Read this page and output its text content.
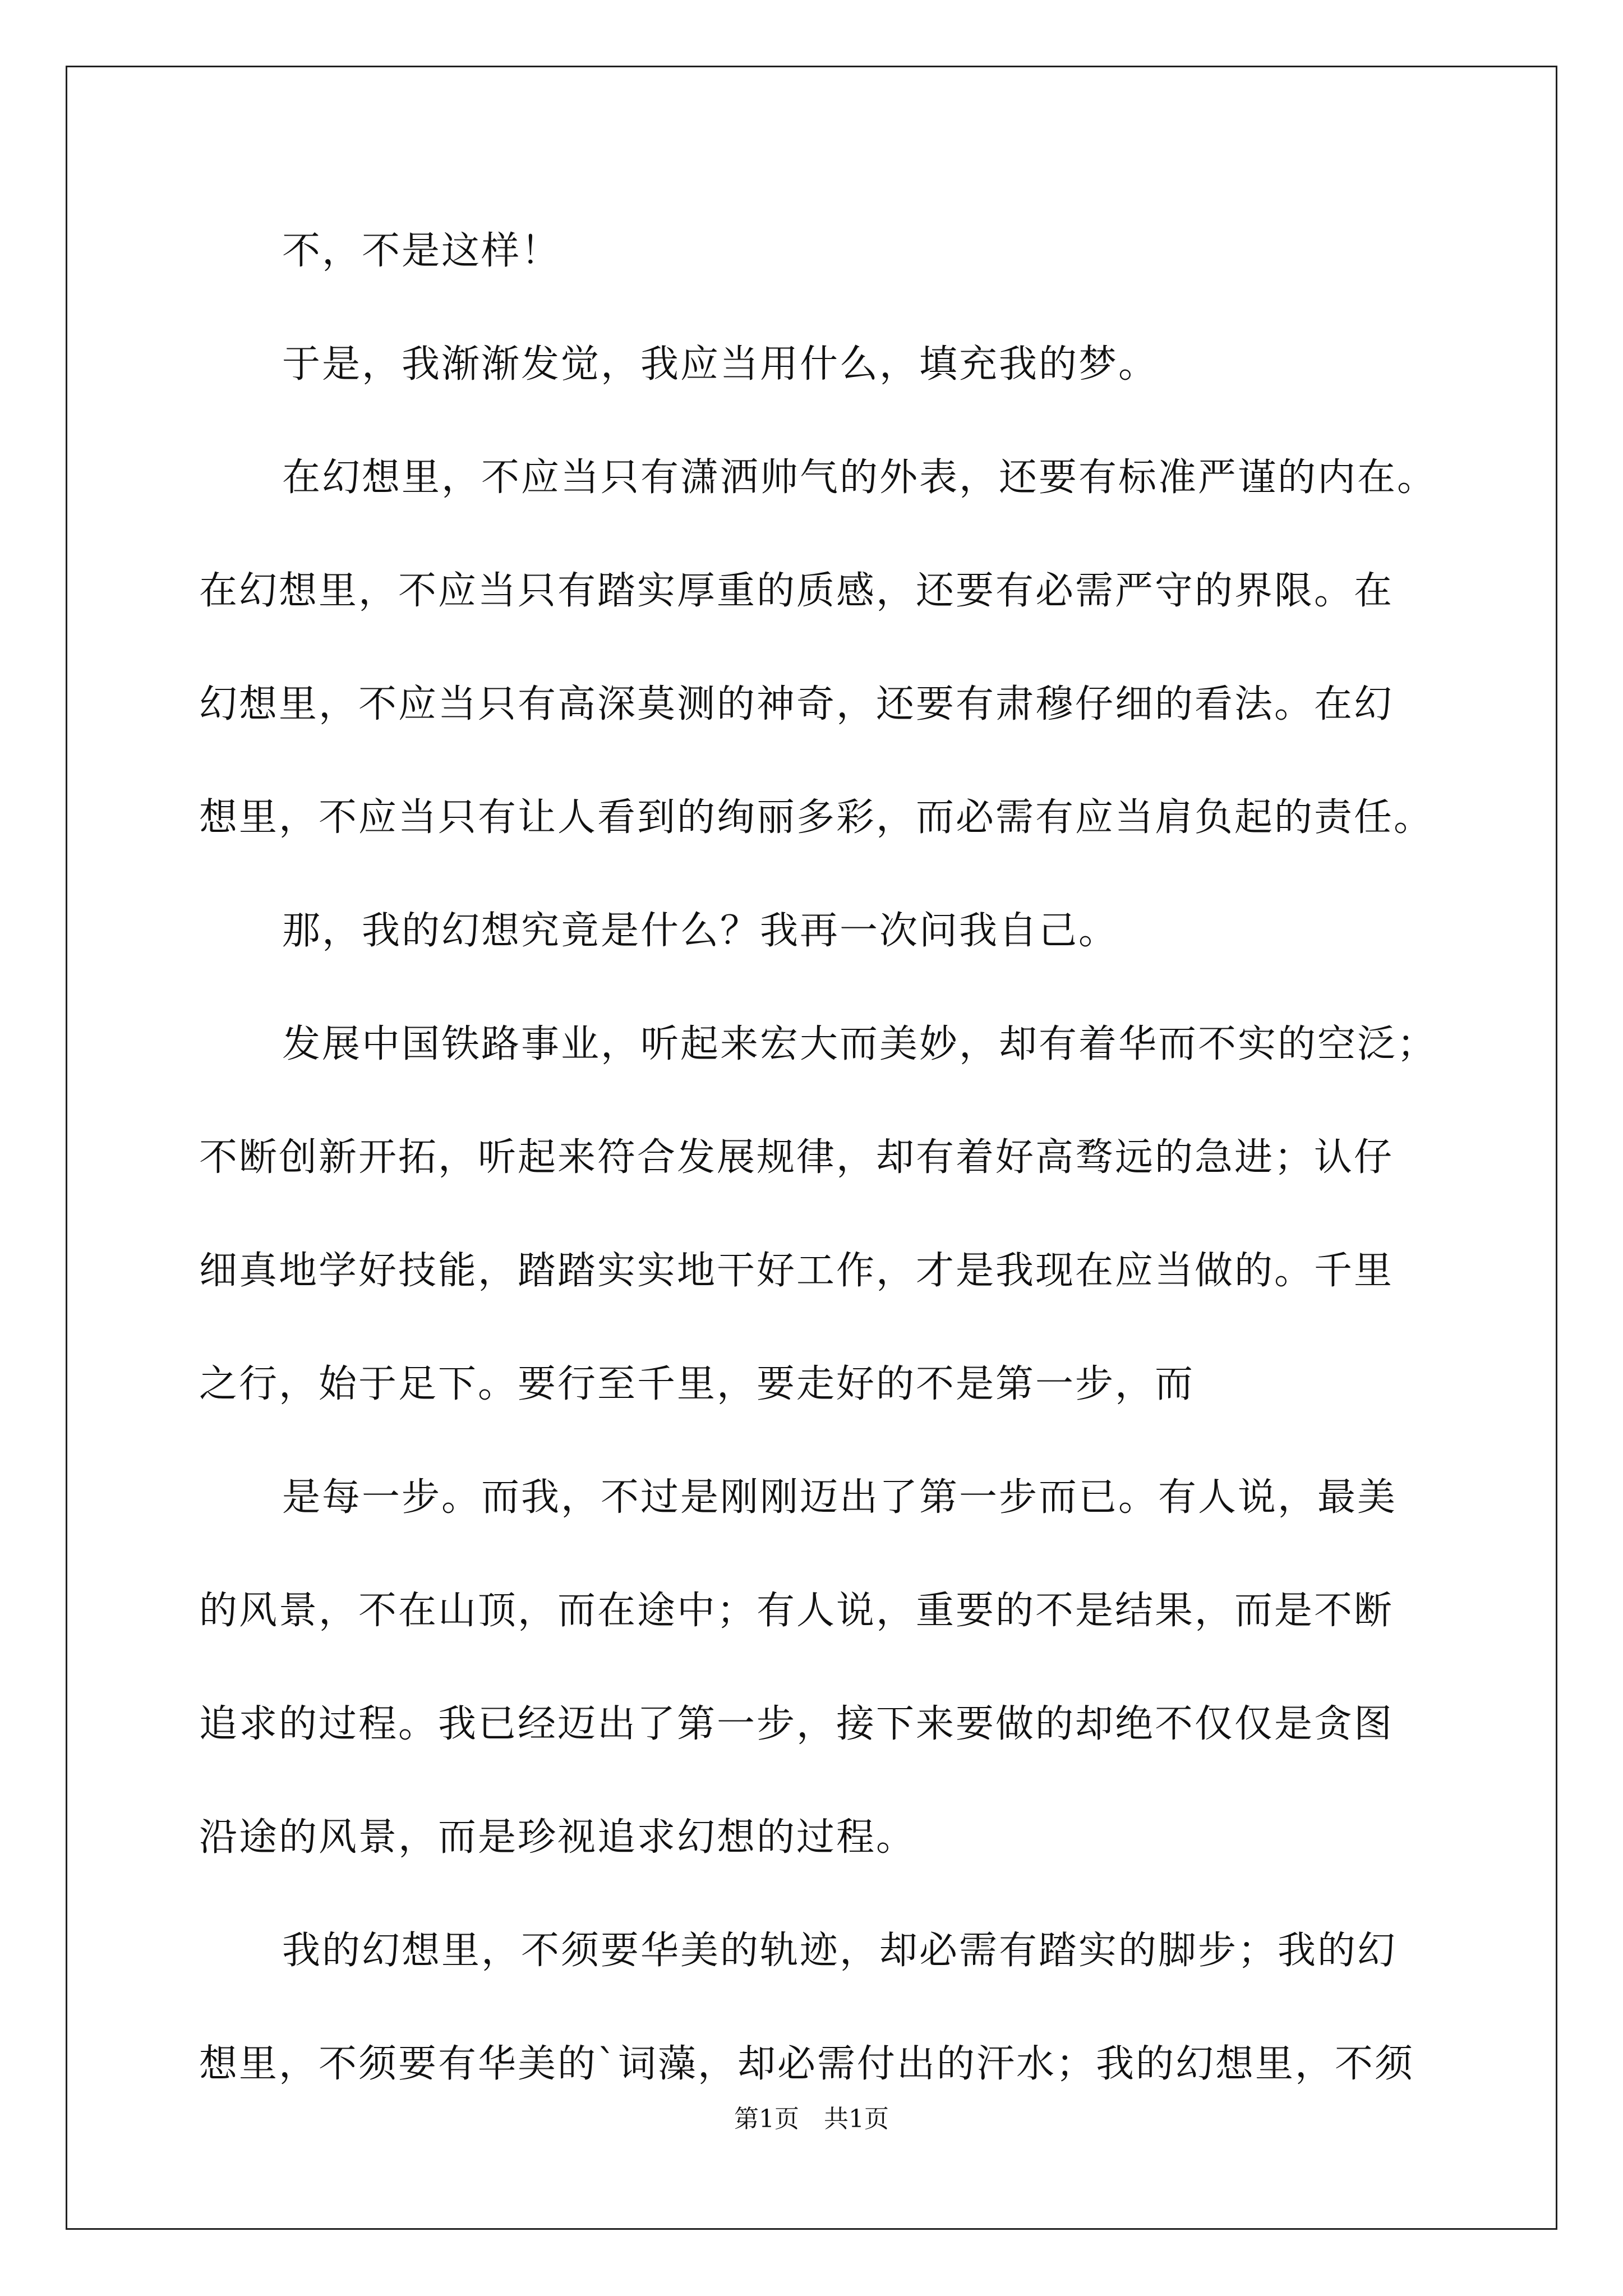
不，不是这样！
于是，我渐渐发觉，我应当用什么，填充我的梦。
在幻想里，不应当只有潇洒帅气的外表，还要有标准严谨的内在。
在幻想里，不应当只有踏实厚重的质感，还要有必需严守的界限。在
幻想里，不应当只有高深莫测的神奇，还要有肃穆仔细的看法。在幻
想里，不应当只有让人看到的绚丽多彩，而必需有应当肩负起的责任。
那，我的幻想究竟是什么？我再一次问我自己。
发展中国铁路事业，听起来宏大而美妙，却有着华而不实的空泛；
不断创新开拓，听起来符合发展规律，却有着好高骛远的急进；认仔
细真地学好技能，踏踏实实地干好工作，才是我现在应当做的。千里
之行，始于足下。要行至千里，要走好的不是第一步，而
是每一步。而我，不过是刚刚迈出了第一步而已。有人说，最美
的风景，不在山顶，而在途中；有人说，重要的不是结果，而是不断
追求的过程。我已经迈出了第一步，接下来要做的却绝不仅仅是贪图
沿途的风景，而是珍视追求幻想的过程。
我的幻想里，不须要华美的轨迹，却必需有踏实的脚步；我的幻
想里，不须要有华美的`词藻，却必需付出的汗水；我的幻想里，不须
第1页　共1页
